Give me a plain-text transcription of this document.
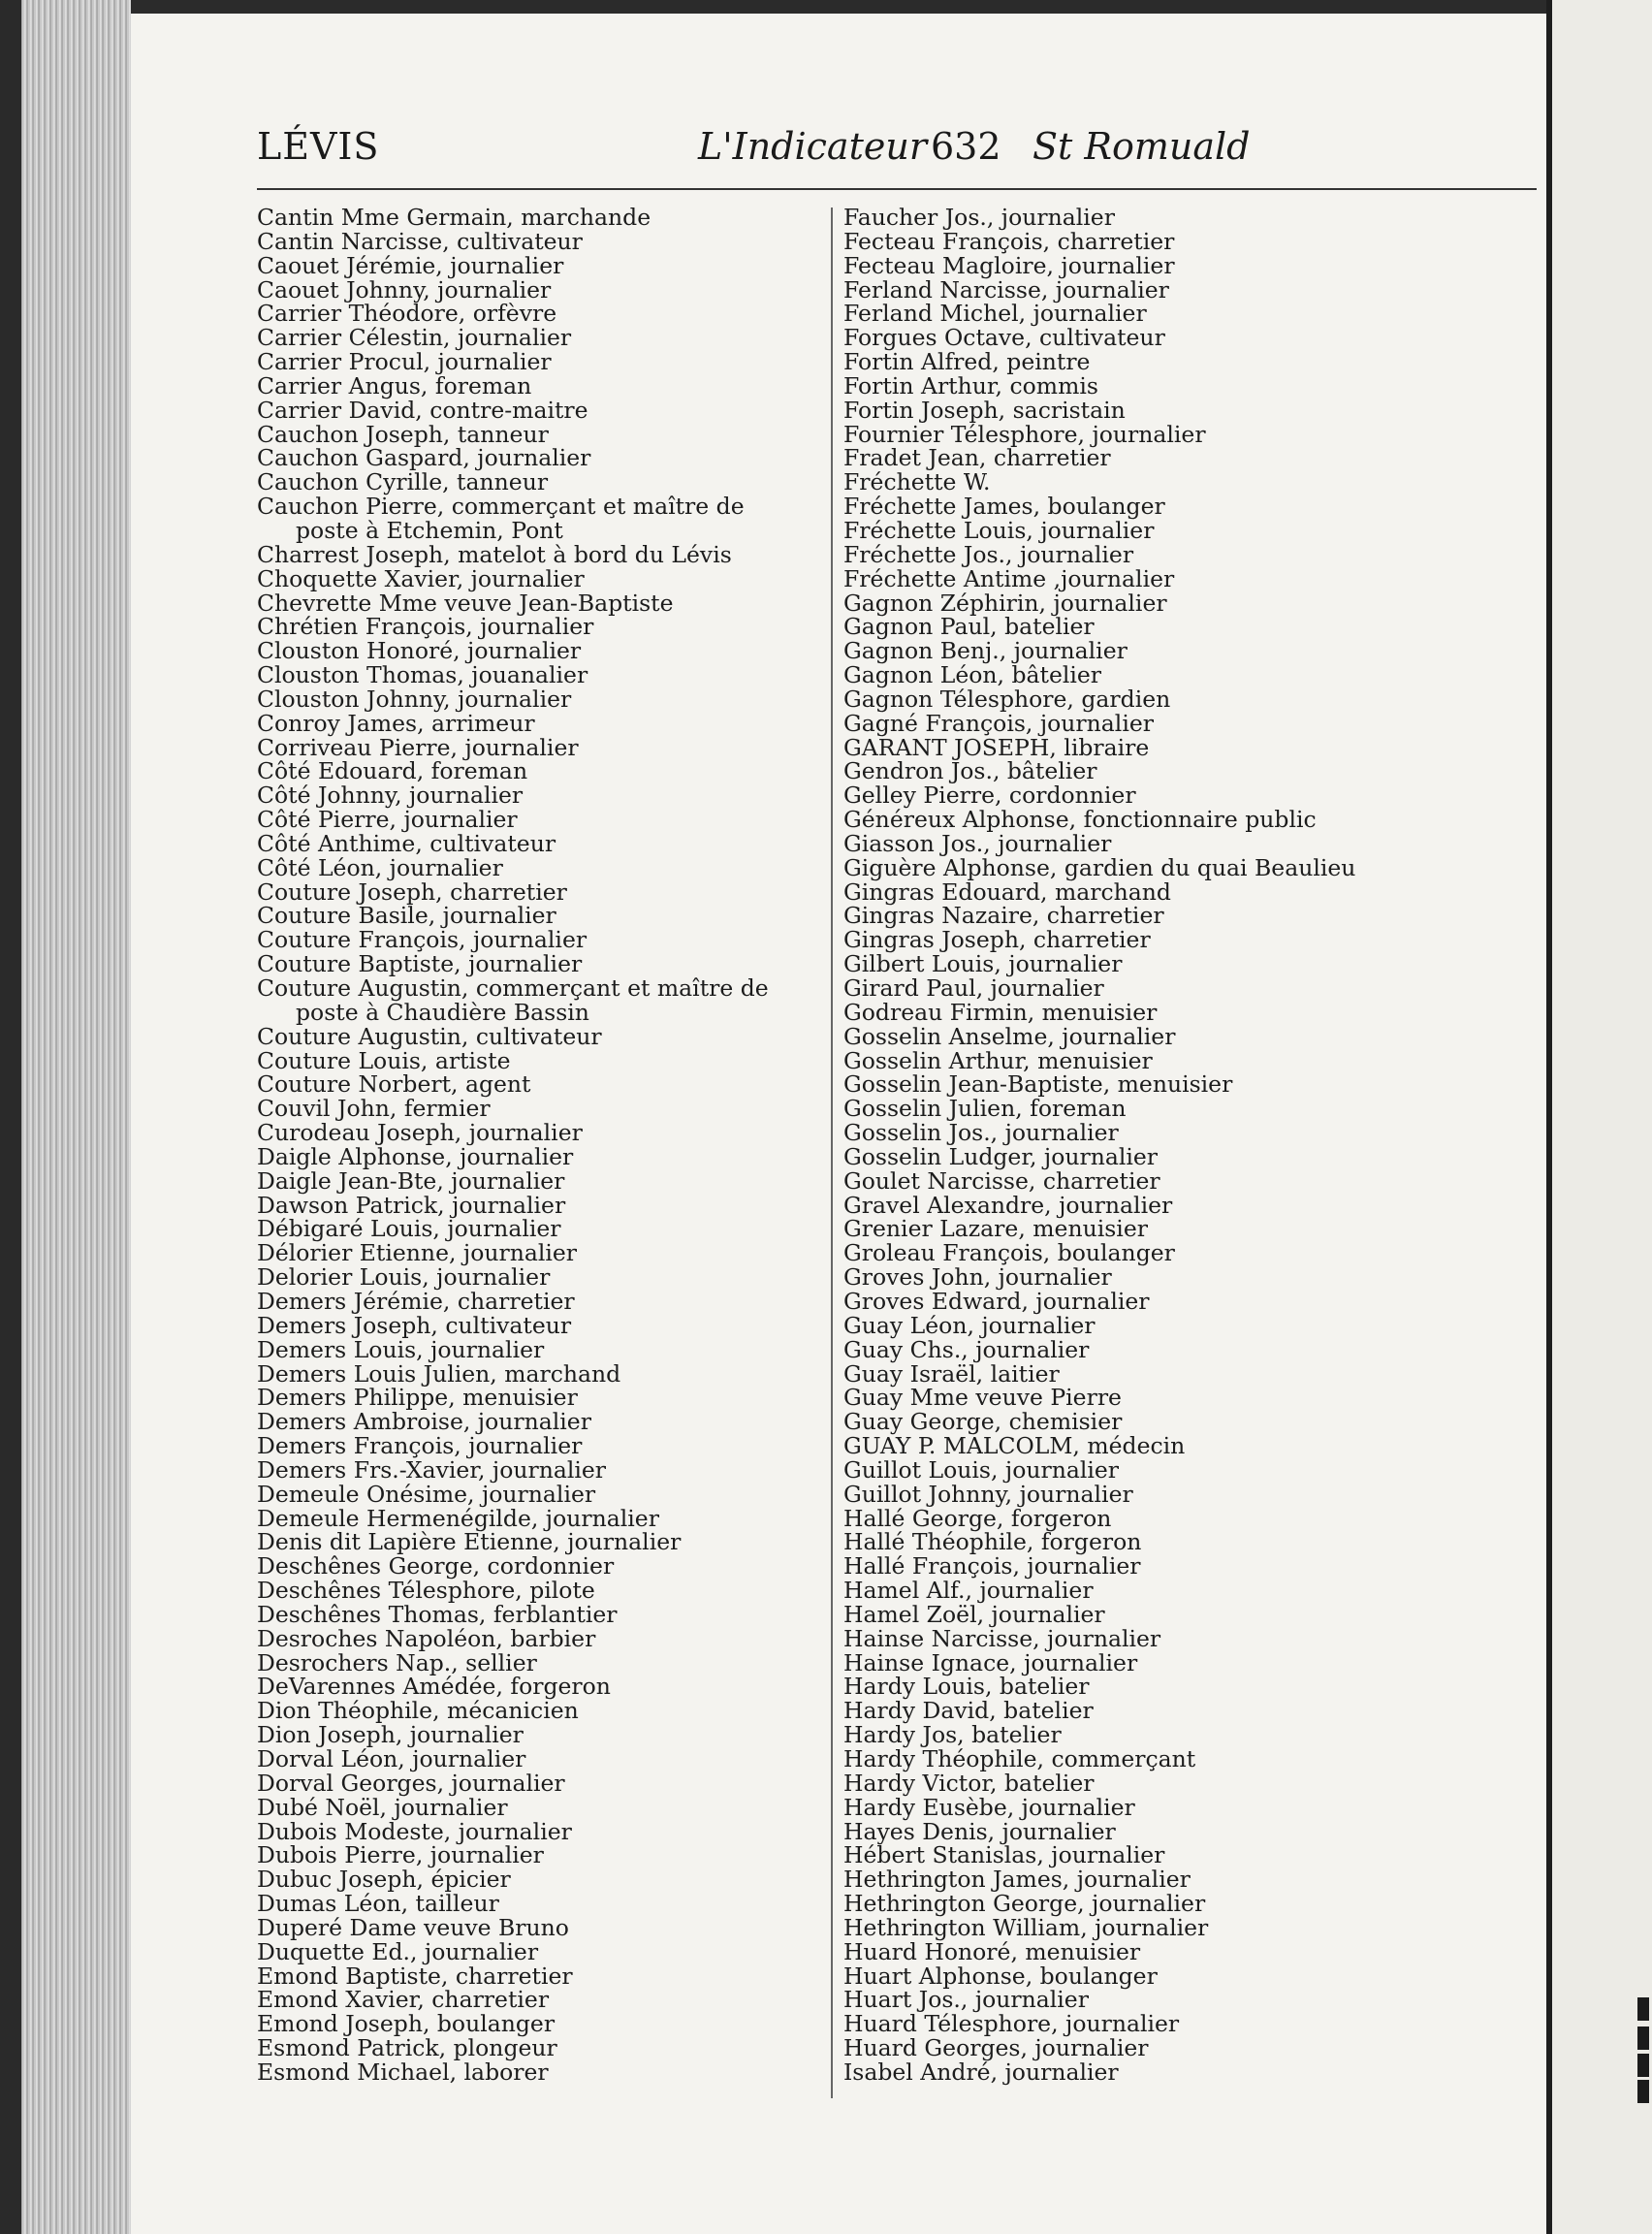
LÉVIS	L'Indicateur 632 St Romuald
Cantin Mme Germain, marchande
Cantin Narcisse, cultivateur
Caouet Jérémie, journalier
Caouet Johnny, journalier
Carrier Théodore, orfèvre
Carrier Célestin, journalier
Carrier Procul, journalier
Carrier Angus, foreman
Carrier David, contre-maitre
Cauchon Joseph, tanneur
Cauchon Gaspard, journalier
Cauchon Cyrille, tanneur
Cauchon Pierre, commerçant et maître de
poste à Etchemin, Pont
Charrest Joseph, matelot à bord du Lévis
Choquette Xavier, journalier
Chevrette Mme veuve Jean-Baptiste
Chrétien François, journalier
Clouston Honoré, journalier
Clouston Thomas, jouanalier
Clouston Johnny, journalier
Conroy James, arrimeur
Corriveau Pierre, journalier
Côté Edouard, foreman
Côté Johnny, journalier
Côté Pierre, journalier
Côté Anthime, cultivateur
Côté Léon, journalier
Couture Joseph, charretier
Couture Basile, journalier
Couture François, journalier
Couture Baptiste, journalier
Couture Augustin, commerçant et maître de
poste à Chaudière Bassin
Couture Augustin, cultivateur
Couture Louis, artiste
Couture Norbert, agent
Couvil John, fermier
Curodeau Joseph, journalier
Daigle Alphonse, journalier
Daigle Jean-Bte, journalier
Dawson Patrick, journalier
Débigaré Louis, journalier
Délorier Etienne, journalier
Delorier Louis, journalier
Demers Jérémie, charretier
Demers Joseph, cultivateur
Demers Louis, journalier
Demers Louis Julien, marchand
Demers Philippe, menuisier
Demers Ambroise, journalier
Demers François, journalier
Demers Frs.-Xavier, journalier
Demeule Onésime, journalier
Demeule Hermenégilde, journalier
Denis dit Lapière Etienne, journalier
Deschênes George, cordonnier
Deschênes Télesphore, pilote
Deschênes Thomas, ferblantier
Desroches Napoléon, barbier
Desrochers Nap., sellier
DeVarennes Amédée, forgeron
Dion Théophile, mécanicien
Dion Joseph, journalier
Dorval Léon, journalier
Dorval Georges, journalier
Dubé Noël, journalier
Dubois Modeste, journalier
Dubois Pierre, journalier
Dubuc Joseph, épicier
Dumas Léon, tailleur
Duperé Dame veuve Bruno
Duquette Ed., journalier
Emond Baptiste, charretier
Emond Xavier, charretier
Emond Joseph, boulanger
Esmond Patrick, plongeur
Esmond Michael, laborer
Faucher Jos., journalier
Fecteau François, charretier
Fecteau Magloire, journalier
Ferland Narcisse, journalier
Ferland Michel, journalier
Forgues Octave, cultivateur
Fortin Alfred, peintre
Fortin Arthur, commis
Fortin Joseph, sacristain
Fournier Télesphore, journalier
Fradet Jean, charretier
Fréchette W.
Fréchette James, boulanger
Fréchette Louis, journalier
Fréchette Jos., journalier
Fréchette Antime ,journalier
Gagnon Zéphirin, journalier
Gagnon Paul, batelier
Gagnon Benj., journalier
Gagnon Léon, bâtelier
Gagnon Télesphore, gardien
Gagné François, journalier
GARANT JOSEPH, libraire
Gendron Jos., bâtelier
Gelley Pierre, cordonnier
Généreux Alphonse, fonctionnaire public
Giasson Jos., journalier
Giguère Alphonse, gardien du quai Beaulieu
Gingras Edouard, marchand
Gingras Nazaire, charretier
Gingras Joseph, charretier
Gilbert Louis, journalier
Girard Paul, journalier
Godreau Firmin, menuisier
Gosselin Anselme, journalier
Gosselin Arthur, menuisier
Gosselin Jean-Baptiste, menuisier
Gosselin Julien, foreman
Gosselin Jos., journalier
Gosselin Ludger, journalier
Goulet Narcisse, charretier
Gravel Alexandre, journalier
Grenier Lazare, menuisier
Groleau François, boulanger
Groves John, journalier
Groves Edward, journalier
Guay Léon, journalier
Guay Chs., journalier
Guay Israël, laitier
Guay Mme veuve Pierre
Guay George, chemisier
GUAY P. MALCOLM, médecin
Guillot Louis, journalier
Guillot Johnny, journalier
Hallé George, forgeron
Hallé Théophile, forgeron
Hallé François, journalier
Hamel Alf., journalier
Hamel Zoël, journalier
Hainse Narcisse, journalier
Hainse Ignace, journalier
Hardy Louis, batelier
Hardy David, batelier
Hardy Jos, batelier
Hardy Théophile, commerçant
Hardy Victor, batelier
Hardy Eusèbe, journalier
Hayes Denis, journalier
Hébert Stanislas, journalier
Hethrington James, journalier
Hethrington George, journalier
Hethrington William, journalier
Huard Honoré, menuisier
Huart Alphonse, boulanger
Huart Jos., journalier
Huard Télesphore, journalier
Huard Georges, journalier
Isabel André, journalier
